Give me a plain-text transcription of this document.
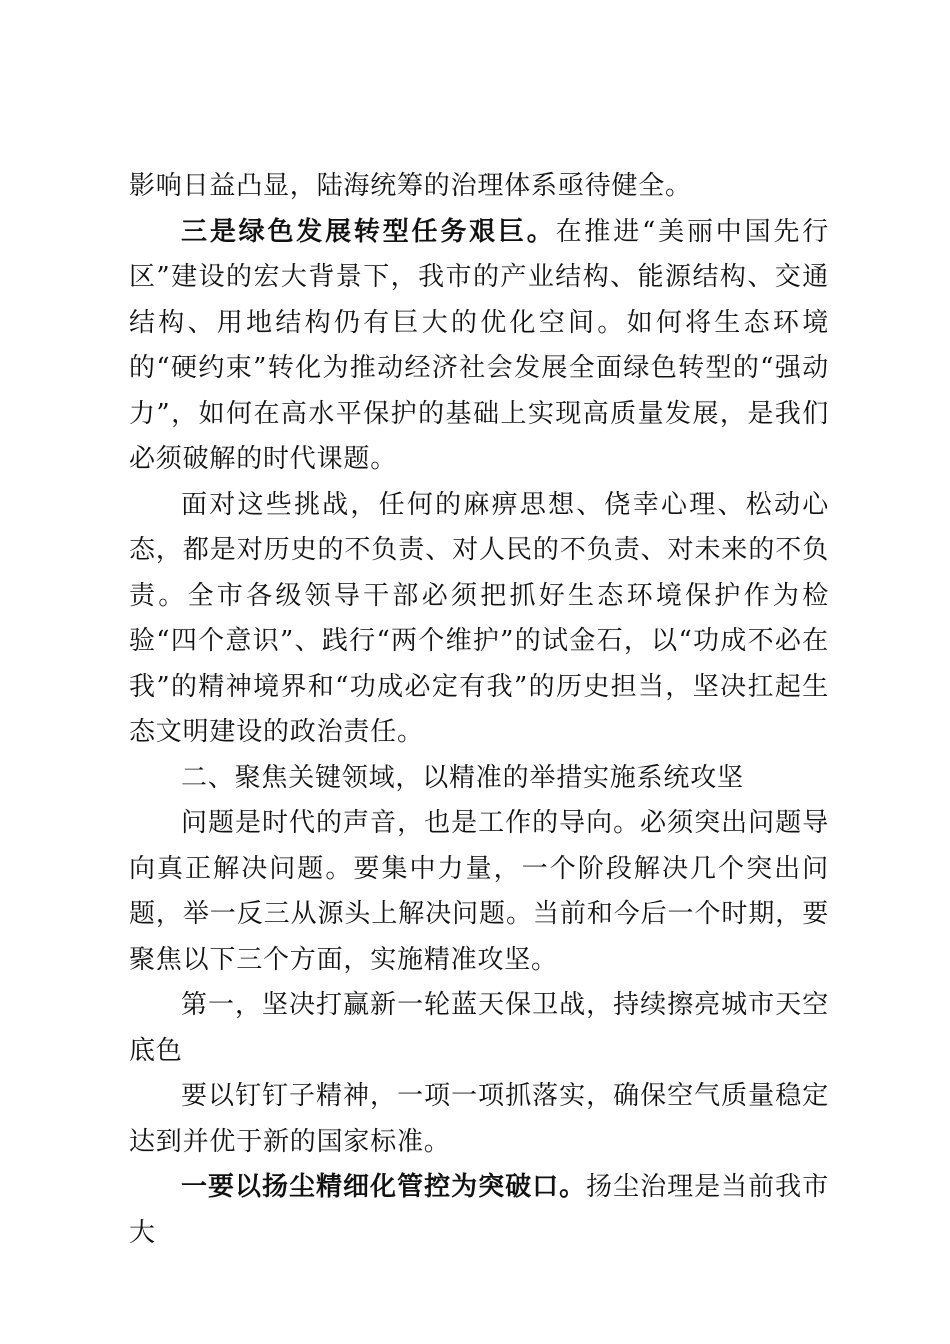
影响日益凸显，陆海统筹的治理体系亟待健全。

三是绿色发展转型任务艰巨。在推进“美丽中国先行区”建设的宏大背景下，我市的产业结构、能源结构、交通结构、用地结构仍有巨大的优化空间。如何将生态环境的“硬约束”转化为推动经济社会发展全面绿色转型的“强动力”，如何在高水平保护的基础上实现高质量发展，是我们必须破解的时代课题。

面对这些挑战，任何的麻痹思想、侥幸心理、松动心态，都是对历史的不负责、对人民的不负责、对未来的不负责。全市各级领导干部必须把抓好生态环境保护作为检验“四个意识”、践行“两个维护”的试金石，以“功成不必在我”的精神境界和“功成必定有我”的历史担当，坚决扛起生态文明建设的政治责任。

二、聚焦关键领域，以精准的举措实施系统攻坚

问题是时代的声音，也是工作的导向。必须突出问题导向真正解决问题。要集中力量，一个阶段解决几个突出问题，举一反三从源头上解决问题。当前和今后一个时期，要聚焦以下三个方面，实施精准攻坚。

第一，坚决打赢新一轮蓝天保卫战，持续擦亮城市天空底色

要以钉钉子精神，一项一项抓落实，确保空气质量稳定达到并优于新的国家标准。

一要以扬尘精细化管控为突破口。扬尘治理是当前我市大
